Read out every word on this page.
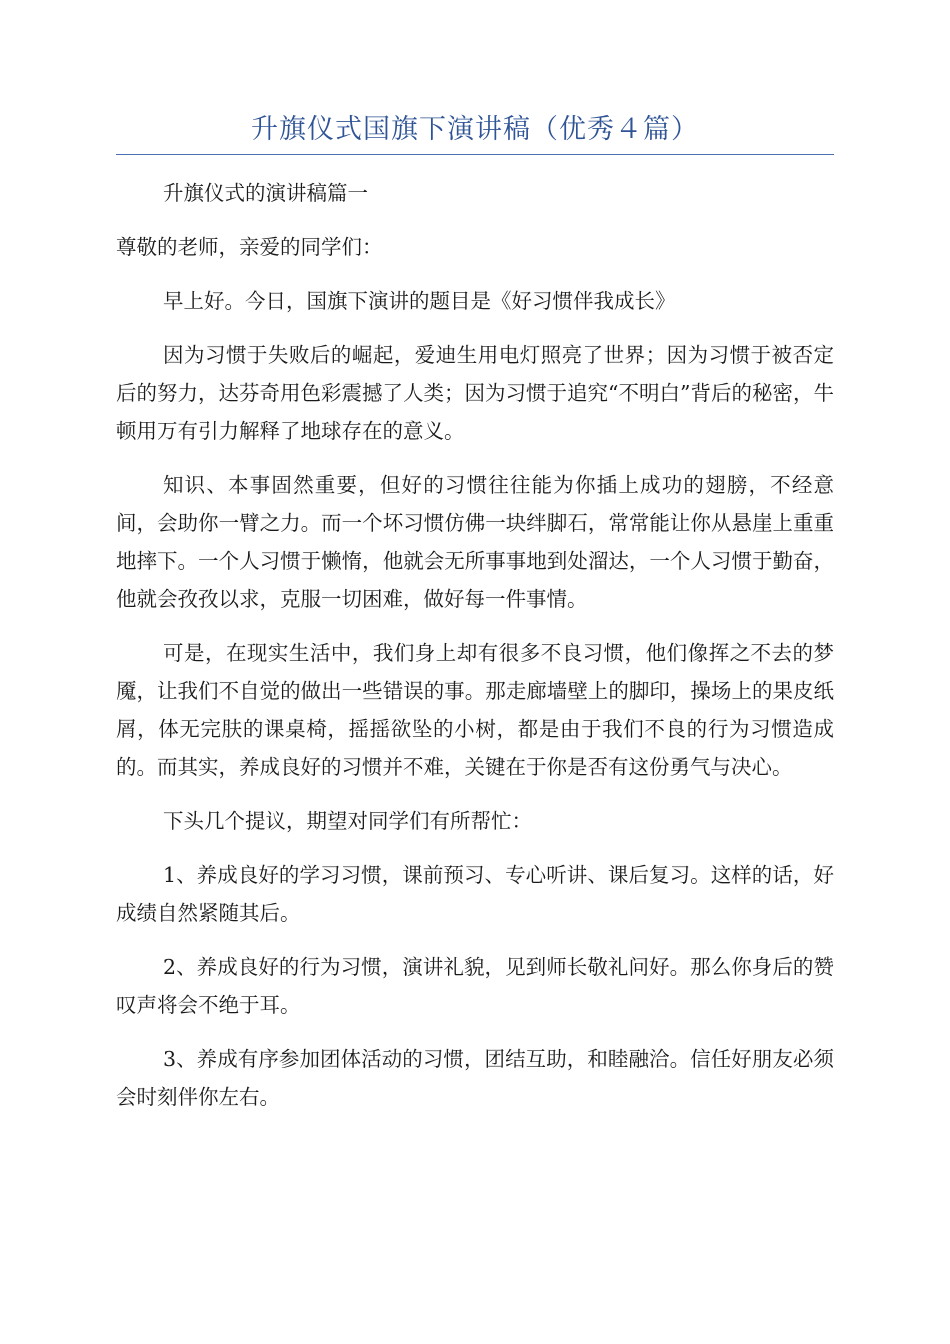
升旗仪式国旗下演讲稿（优秀４篇）

升旗仪式的演讲稿篇一

尊敬的老师，亲爱的同学们：

早上好。今日，国旗下演讲的题目是《好习惯伴我成长》

因为习惯于失败后的崛起，爱迪生用电灯照亮了世界；因为习惯于被否定后的努力，达芬奇用色彩震撼了人类；因为习惯于追究“不明白”背后的秘密，牛顿用万有引力解释了地球存在的意义。

知识、本事固然重要，但好的习惯往往能为你插上成功的翅膀，不经意间，会助你一臂之力。而一个坏习惯仿佛一块绊脚石，常常能让你从悬崖上重重地摔下。一个人习惯于懒惰，他就会无所事事地到处溜达，一个人习惯于勤奋，他就会孜孜以求，克服一切困难，做好每一件事情。

可是，在现实生活中，我们身上却有很多不良习惯，他们像挥之不去的梦魇，让我们不自觉的做出一些错误的事。那走廊墙壁上的脚印，操场上的果皮纸屑，体无完肤的课桌椅，摇摇欲坠的小树，都是由于我们不良的行为习惯造成的。而其实，养成良好的习惯并不难，关键在于你是否有这份勇气与决心。

下头几个提议，期望对同学们有所帮忙：

1、养成良好的学习习惯，课前预习、专心听讲、课后复习。这样的话，好成绩自然紧随其后。

2、养成良好的行为习惯，演讲礼貌，见到师长敬礼问好。那么你身后的赞叹声将会不绝于耳。

3、养成有序参加团体活动的习惯，团结互助，和睦融洽。信任好朋友必须会时刻伴你左右。
